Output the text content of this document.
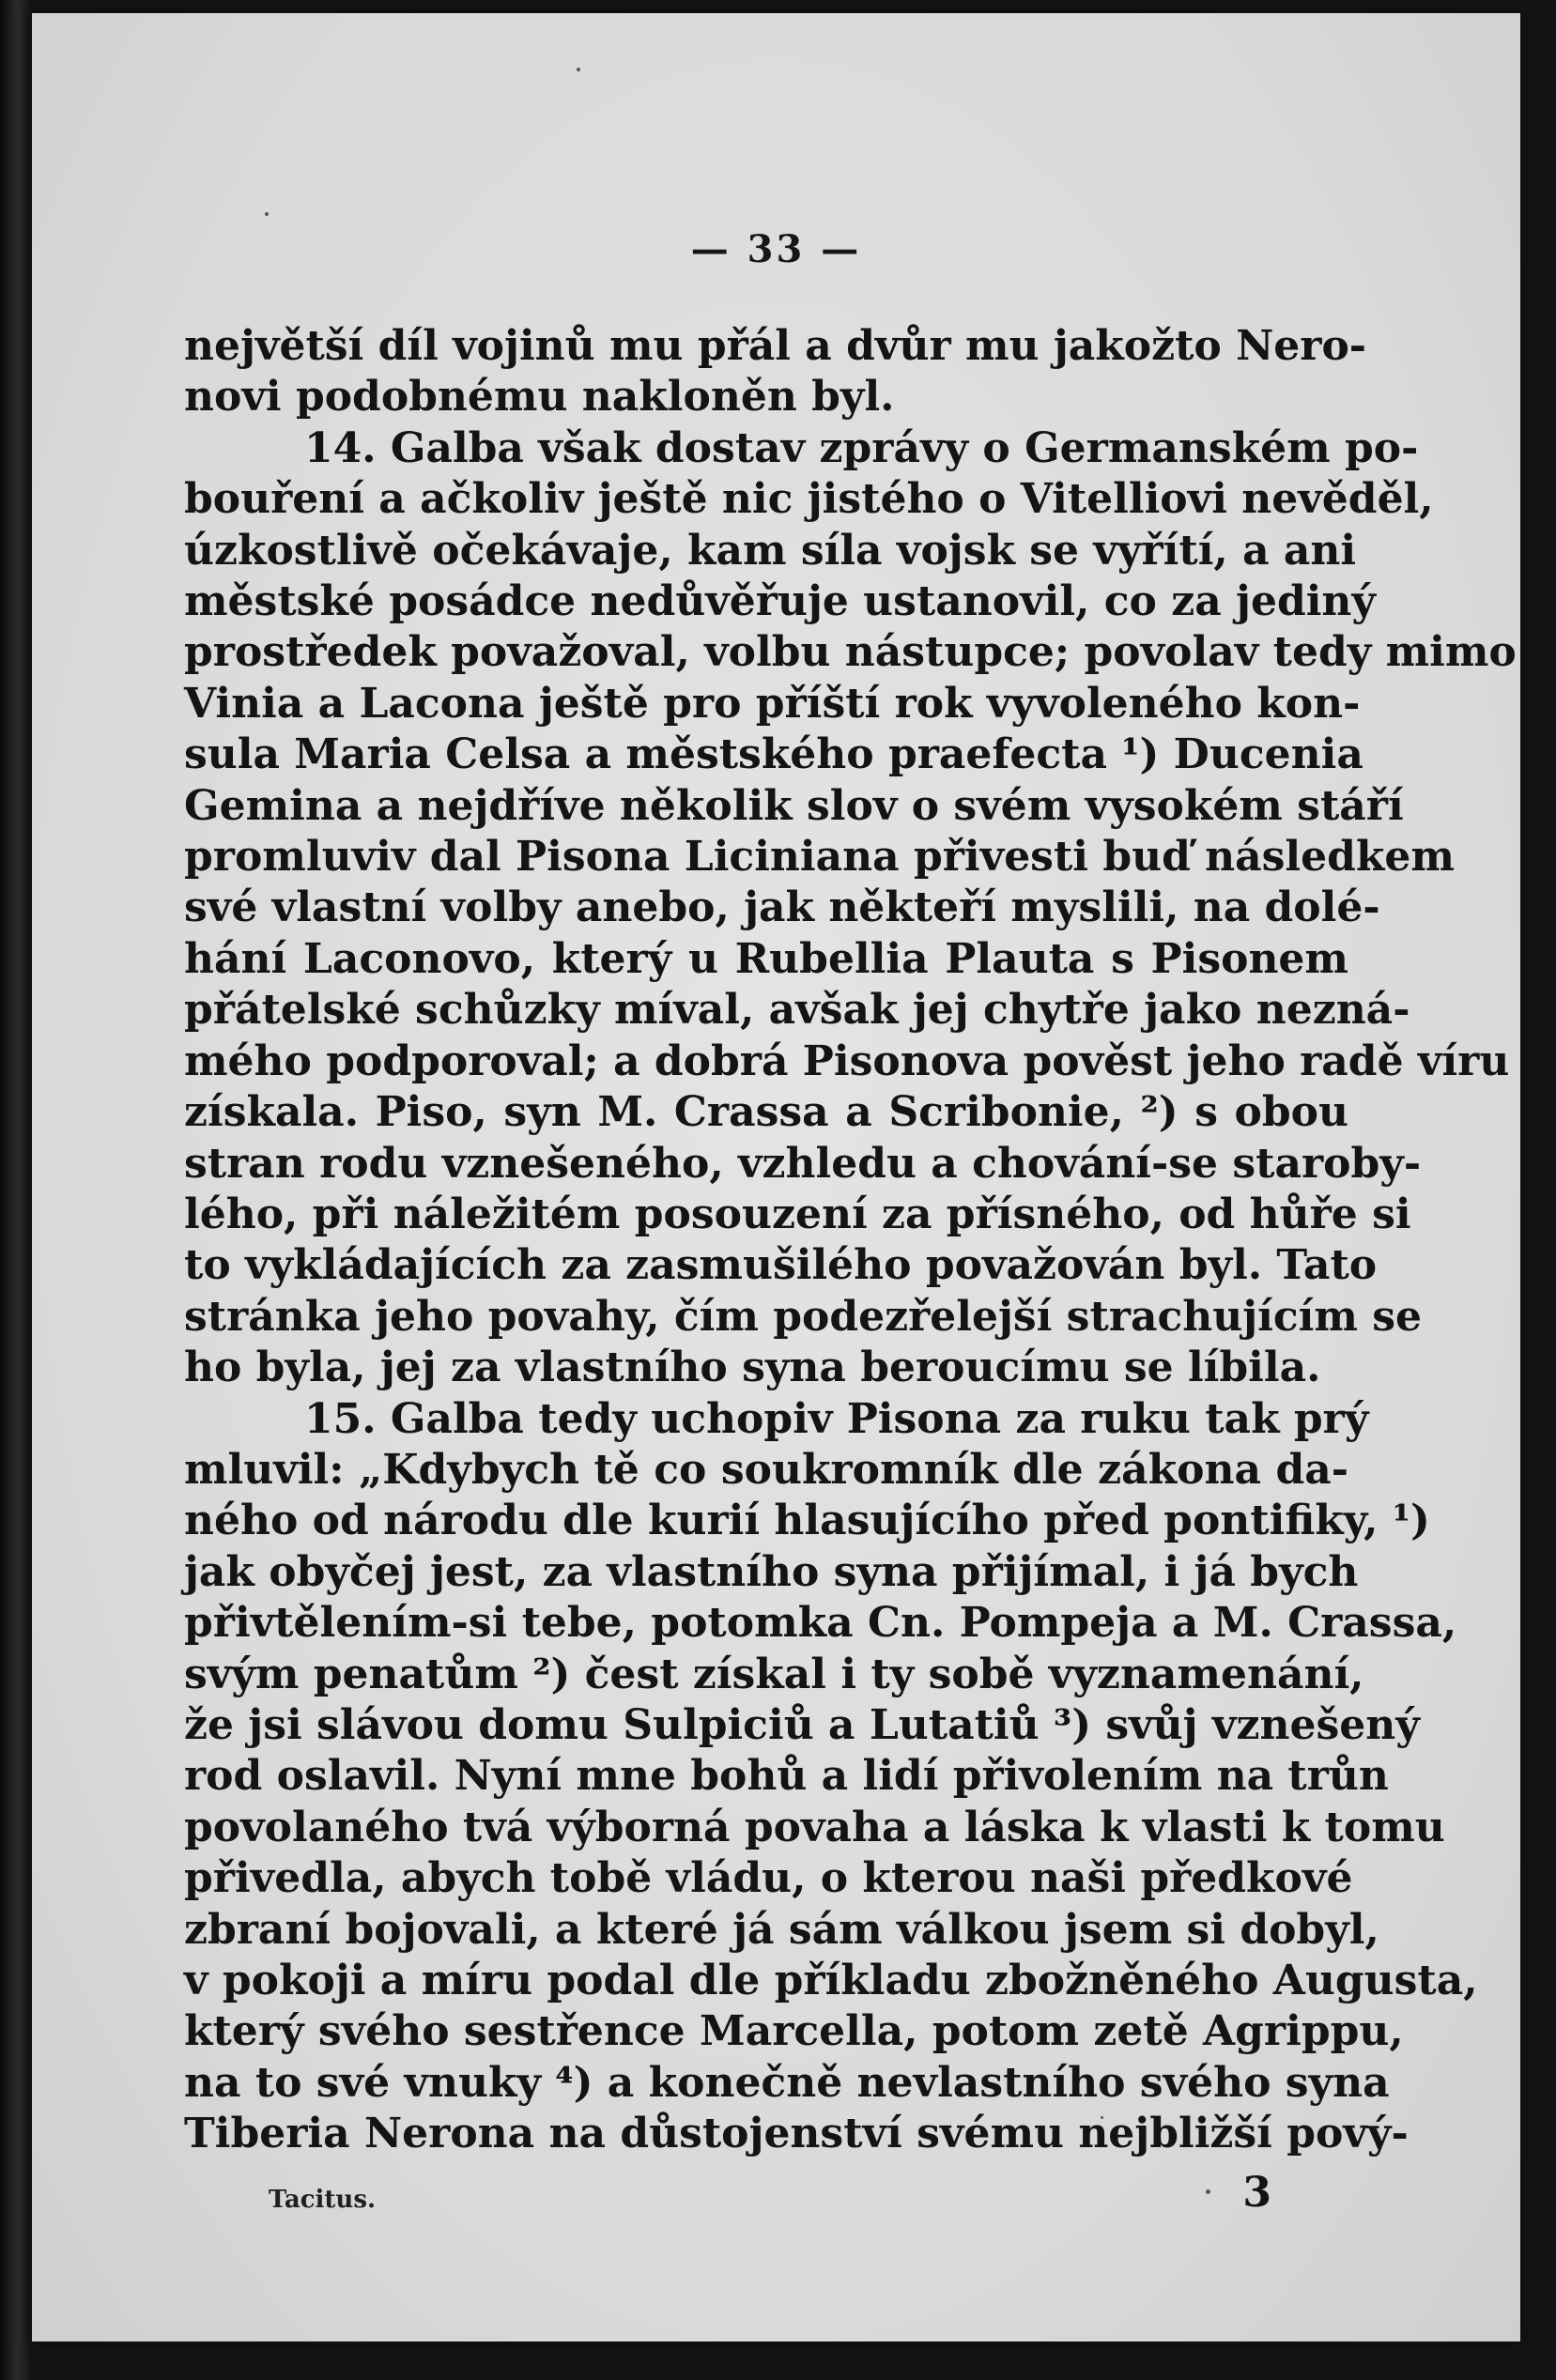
— 33 —
největší díl vojinů mu přál a dvůr mu jakožto Nero-
novi podobnému nakloněn byl.
14. Galba však dostav zprávy o Germanském po-
bouření a ačkoliv ještě nic jistého o Vitelliovi nevěděl,
úzkostlivě očekávaje, kam síla vojsk se vyřítí, a ani
městské posádce nedůvěřuje ustanovil, co za jediný
prostředek považoval, volbu nástupce; povolav tedy mimo
Vinia a Lacona ještě pro příští rok vyvoleného kon-
sula Maria Celsa a městského praefecta ¹) Ducenia
Gemina a nejdříve několik slov o svém vysokém stáří
promluviv dal Pisona Liciniana přivesti buď následkem
své vlastní volby anebo, jak někteří myslili, na dolé-
hání Laconovo, který u Rubellia Plauta s Pisonem
přátelské schůzky míval, avšak jej chytře jako nezná-
mého podporoval; a dobrá Pisonova pověst jeho radě víru
získala. Piso, syn M. Crassa a Scribonie, ²) s obou
stran rodu vznešeného, vzhledu a chování-se staroby-
lého, při náležitém posouzení za přísného, od hůře si
to vykládajících za zasmušilého považován byl. Tato
stránka jeho povahy, čím podezřelejší strachujícím se
ho byla, jej za vlastního syna beroucímu se líbila.
15. Galba tedy uchopiv Pisona za ruku tak prý
mluvil: „Kdybych tě co soukromník dle zákona da-
ného od národu dle kurií hlasujícího před pontifiky, ¹)
jak obyčej jest, za vlastního syna přijímal, i já bych
přivtělením-si tebe, potomka Cn. Pompeja a M. Crassa,
svým penatům ²) čest získal i ty sobě vyznamenání,
že jsi slávou domu Sulpiciů a Lutatiů ³) svůj vznešený
rod oslavil. Nyní mne bohů a lidí přivolením na trůn
povolaného tvá výborná povaha a láska k vlasti k tomu
přivedla, abych tobě vládu, o kterou naši předkové
zbraní bojovali, a které já sám válkou jsem si dobyl,
v pokoji a míru podal dle příkladu zbožněného Augusta,
který svého sestřence Marcella, potom zetě Agrippu,
na to své vnuky ⁴) a konečně nevlastního svého syna
Tiberia Nerona na důstojenství svému nejbližší pový-
Tacitus.	3
